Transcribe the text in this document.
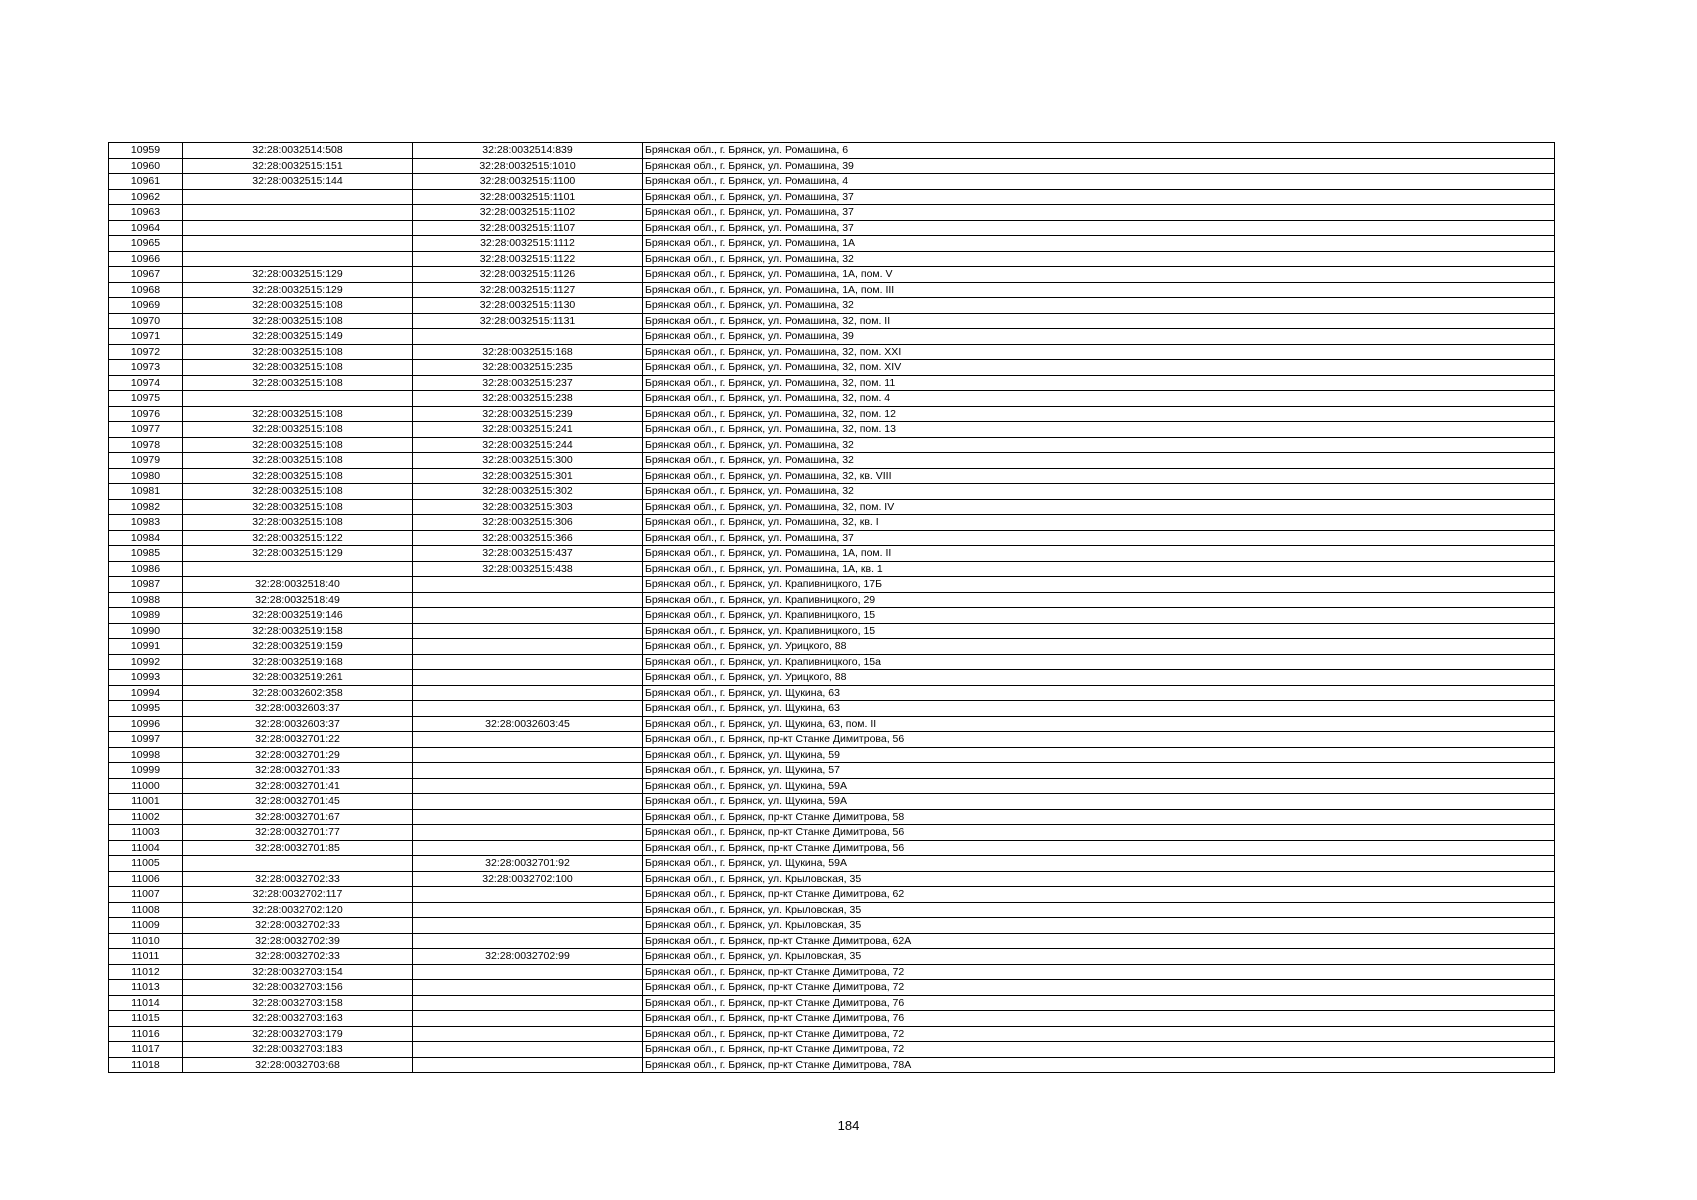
10959	32:28:0032514:508	32:28:0032514:839	Брянская обл., г. Брянск, ул. Ромашина, 6
10960	32:28:0032515:151	32:28:0032515:1010	Брянская обл., г. Брянск, ул. Ромашина, 39
10961	32:28:0032515:144	32:28:0032515:1100	Брянская обл., г. Брянск, ул. Ромашина, 4
10962		32:28:0032515:1101	Брянская обл., г. Брянск, ул. Ромашина, 37
10963		32:28:0032515:1102	Брянская обл., г. Брянск, ул. Ромашина, 37
10964		32:28:0032515:1107	Брянская обл., г. Брянск, ул. Ромашина, 37
10965		32:28:0032515:1112	Брянская обл., г. Брянск, ул. Ромашина, 1А
10966		32:28:0032515:1122	Брянская обл., г. Брянск, ул. Ромашина, 32
10967	32:28:0032515:129	32:28:0032515:1126	Брянская обл., г. Брянск, ул. Ромашина, 1А, пом. V
10968	32:28:0032515:129	32:28:0032515:1127	Брянская обл., г. Брянск, ул. Ромашина, 1А, пом. III
10969	32:28:0032515:108	32:28:0032515:1130	Брянская обл., г. Брянск, ул. Ромашина, 32
10970	32:28:0032515:108	32:28:0032515:1131	Брянская обл., г. Брянск, ул. Ромашина, 32, пом. II
10971	32:28:0032515:149		Брянская обл., г. Брянск, ул. Ромашина, 39
10972	32:28:0032515:108	32:28:0032515:168	Брянская обл., г. Брянск, ул. Ромашина, 32, пом. XXI
10973	32:28:0032515:108	32:28:0032515:235	Брянская обл., г. Брянск, ул. Ромашина, 32, пом. XIV
10974	32:28:0032515:108	32:28:0032515:237	Брянская обл., г. Брянск, ул. Ромашина, 32, пом. 11
10975		32:28:0032515:238	Брянская обл., г. Брянск, ул. Ромашина, 32, пом. 4
10976	32:28:0032515:108	32:28:0032515:239	Брянская обл., г. Брянск, ул. Ромашина, 32, пом. 12
10977	32:28:0032515:108	32:28:0032515:241	Брянская обл., г. Брянск, ул. Ромашина, 32, пом. 13
10978	32:28:0032515:108	32:28:0032515:244	Брянская обл., г. Брянск, ул. Ромашина, 32
10979	32:28:0032515:108	32:28:0032515:300	Брянская обл., г. Брянск, ул. Ромашина, 32
10980	32:28:0032515:108	32:28:0032515:301	Брянская обл., г. Брянск, ул. Ромашина, 32, кв. VIII
10981	32:28:0032515:108	32:28:0032515:302	Брянская обл., г. Брянск, ул. Ромашина, 32
10982	32:28:0032515:108	32:28:0032515:303	Брянская обл., г. Брянск, ул. Ромашина, 32, пом. IV
10983	32:28:0032515:108	32:28:0032515:306	Брянская обл., г. Брянск, ул. Ромашина, 32, кв. I
10984	32:28:0032515:122	32:28:0032515:366	Брянская обл., г. Брянск, ул. Ромашина, 37
10985	32:28:0032515:129	32:28:0032515:437	Брянская обл., г. Брянск, ул. Ромашина, 1А, пом. II
10986		32:28:0032515:438	Брянская обл., г. Брянск, ул. Ромашина, 1А, кв. 1
10987	32:28:0032518:40		Брянская обл., г. Брянск, ул. Крапивницкого, 17Б
10988	32:28:0032518:49		Брянская обл., г. Брянск, ул. Крапивницкого, 29
10989	32:28:0032519:146		Брянская обл., г. Брянск, ул. Крапивницкого, 15
10990	32:28:0032519:158		Брянская обл., г. Брянск, ул. Крапивницкого, 15
10991	32:28:0032519:159		Брянская обл., г. Брянск, ул. Урицкого, 88
10992	32:28:0032519:168		Брянская обл., г. Брянск, ул. Крапивницкого, 15а
10993	32:28:0032519:261		Брянская обл., г. Брянск, ул. Урицкого, 88
10994	32:28:0032602:358		Брянская обл., г. Брянск, ул. Щукина, 63
10995	32:28:0032603:37		Брянская обл., г. Брянск, ул. Щукина, 63
10996	32:28:0032603:37	32:28:0032603:45	Брянская обл., г. Брянск, ул. Щукина, 63, пом. II
10997	32:28:0032701:22		Брянская обл., г. Брянск, пр-кт Станке Димитрова, 56
10998	32:28:0032701:29		Брянская обл., г. Брянск, ул. Щукина, 59
10999	32:28:0032701:33		Брянская обл., г. Брянск, ул. Щукина, 57
11000	32:28:0032701:41		Брянская обл., г. Брянск, ул. Щукина, 59А
11001	32:28:0032701:45		Брянская обл., г. Брянск, ул. Щукина, 59А
11002	32:28:0032701:67		Брянская обл., г. Брянск, пр-кт Станке Димитрова, 58
11003	32:28:0032701:77		Брянская обл., г. Брянск, пр-кт Станке Димитрова, 56
11004	32:28:0032701:85		Брянская обл., г. Брянск, пр-кт Станке Димитрова, 56
11005		32:28:0032701:92	Брянская обл., г. Брянск, ул. Щукина, 59А
11006	32:28:0032702:33	32:28:0032702:100	Брянская обл., г. Брянск, ул. Крыловская, 35
11007	32:28:0032702:117		Брянская обл., г. Брянск, пр-кт Станке Димитрова, 62
11008	32:28:0032702:120		Брянская обл., г. Брянск, ул. Крыловская, 35
11009	32:28:0032702:33		Брянская обл., г. Брянск, ул. Крыловская, 35
11010	32:28:0032702:39		Брянская обл., г. Брянск, пр-кт Станке Димитрова, 62А
11011	32:28:0032702:33	32:28:0032702:99	Брянская обл., г. Брянск, ул. Крыловская, 35
11012	32:28:0032703:154		Брянская обл., г. Брянск, пр-кт Станке Димитрова, 72
11013	32:28:0032703:156		Брянская обл., г. Брянск, пр-кт Станке Димитрова, 72
11014	32:28:0032703:158		Брянская обл., г. Брянск, пр-кт Станке Димитрова, 76
11015	32:28:0032703:163		Брянская обл., г. Брянск, пр-кт Станке Димитрова, 76
11016	32:28:0032703:179		Брянская обл., г. Брянск, пр-кт Станке Димитрова, 72
11017	32:28:0032703:183		Брянская обл., г. Брянск, пр-кт Станке Димитрова, 72
11018	32:28:0032703:68		Брянская обл., г. Брянск, пр-кт Станке Димитрова, 78А
184
